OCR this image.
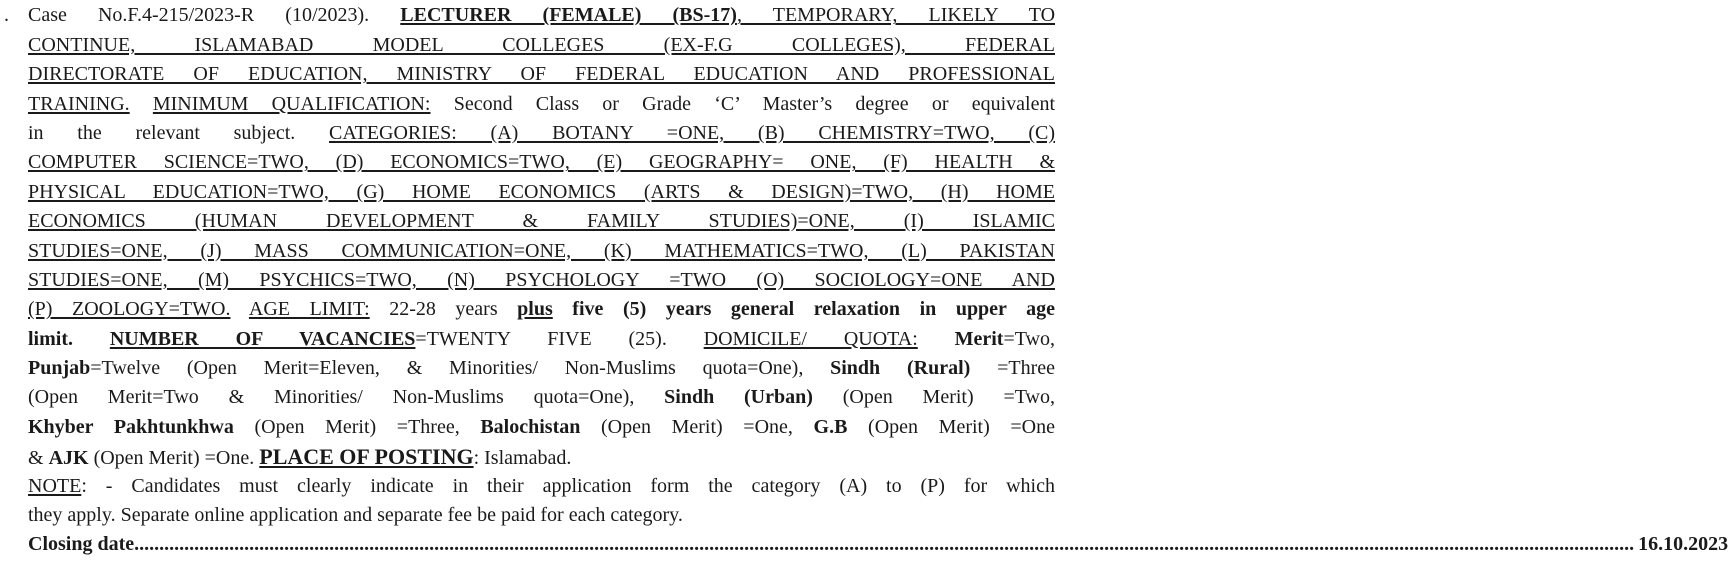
. Case No.F.4-215/2023-R (10/2023). LECTURER (FEMALE) (BS-17), TEMPORARY, LIKELY TO
CONTINUE, ISLAMABAD MODEL COLLEGES (EX-F.G COLLEGES), FEDERAL
DIRECTORATE OF EDUCATION, MINISTRY OF FEDERAL EDUCATION AND PROFESSIONAL
TRAINING. MINIMUM QUALIFICATION: Second Class or Grade ‘C’ Master’s degree or equivalent
in the relevant subject. CATEGORIES: (A) BOTANY =ONE, (B) CHEMISTRY=TWO, (C)
COMPUTER SCIENCE=TWO, (D) ECONOMICS=TWO, (E) GEOGRAPHY= ONE, (F) HEALTH &
PHYSICAL EDUCATION=TWO, (G) HOME ECONOMICS (ARTS & DESIGN)=TWO, (H) HOME
ECONOMICS (HUMAN DEVELOPMENT & FAMILY STUDIES)=ONE, (I) ISLAMIC
STUDIES=ONE, (J) MASS COMMUNICATION=ONE, (K) MATHEMATICS=TWO, (L) PAKISTAN
STUDIES=ONE, (M) PSYCHICS=TWO, (N) PSYCHOLOGY =TWO (O) SOCIOLOGY=ONE AND
(P) ZOOLOGY=TWO. AGE LIMIT: 22-28 years plus five (5) years general relaxation in upper age
limit. NUMBER OF VACANCIES=TWENTY FIVE (25). DOMICILE/ QUOTA: Merit=Two,
Punjab=Twelve (Open Merit=Eleven, & Minorities/ Non-Muslims quota=One), Sindh (Rural) =Three
(Open Merit=Two & Minorities/ Non-Muslims quota=One), Sindh (Urban) (Open Merit) =Two,
Khyber Pakhtunkhwa (Open Merit) =Three, Balochistan (Open Merit) =One, G.B (Open Merit) =One
& AJK (Open Merit) =One. PLACE OF POSTING: Islamabad.
NOTE: - Candidates must clearly indicate in their application form the category (A) to (P) for which
they apply. Separate online application and separate fee be paid for each category.
Closing date ............................................................................................................................................................................................................................................................................................................ 16.10.2023
